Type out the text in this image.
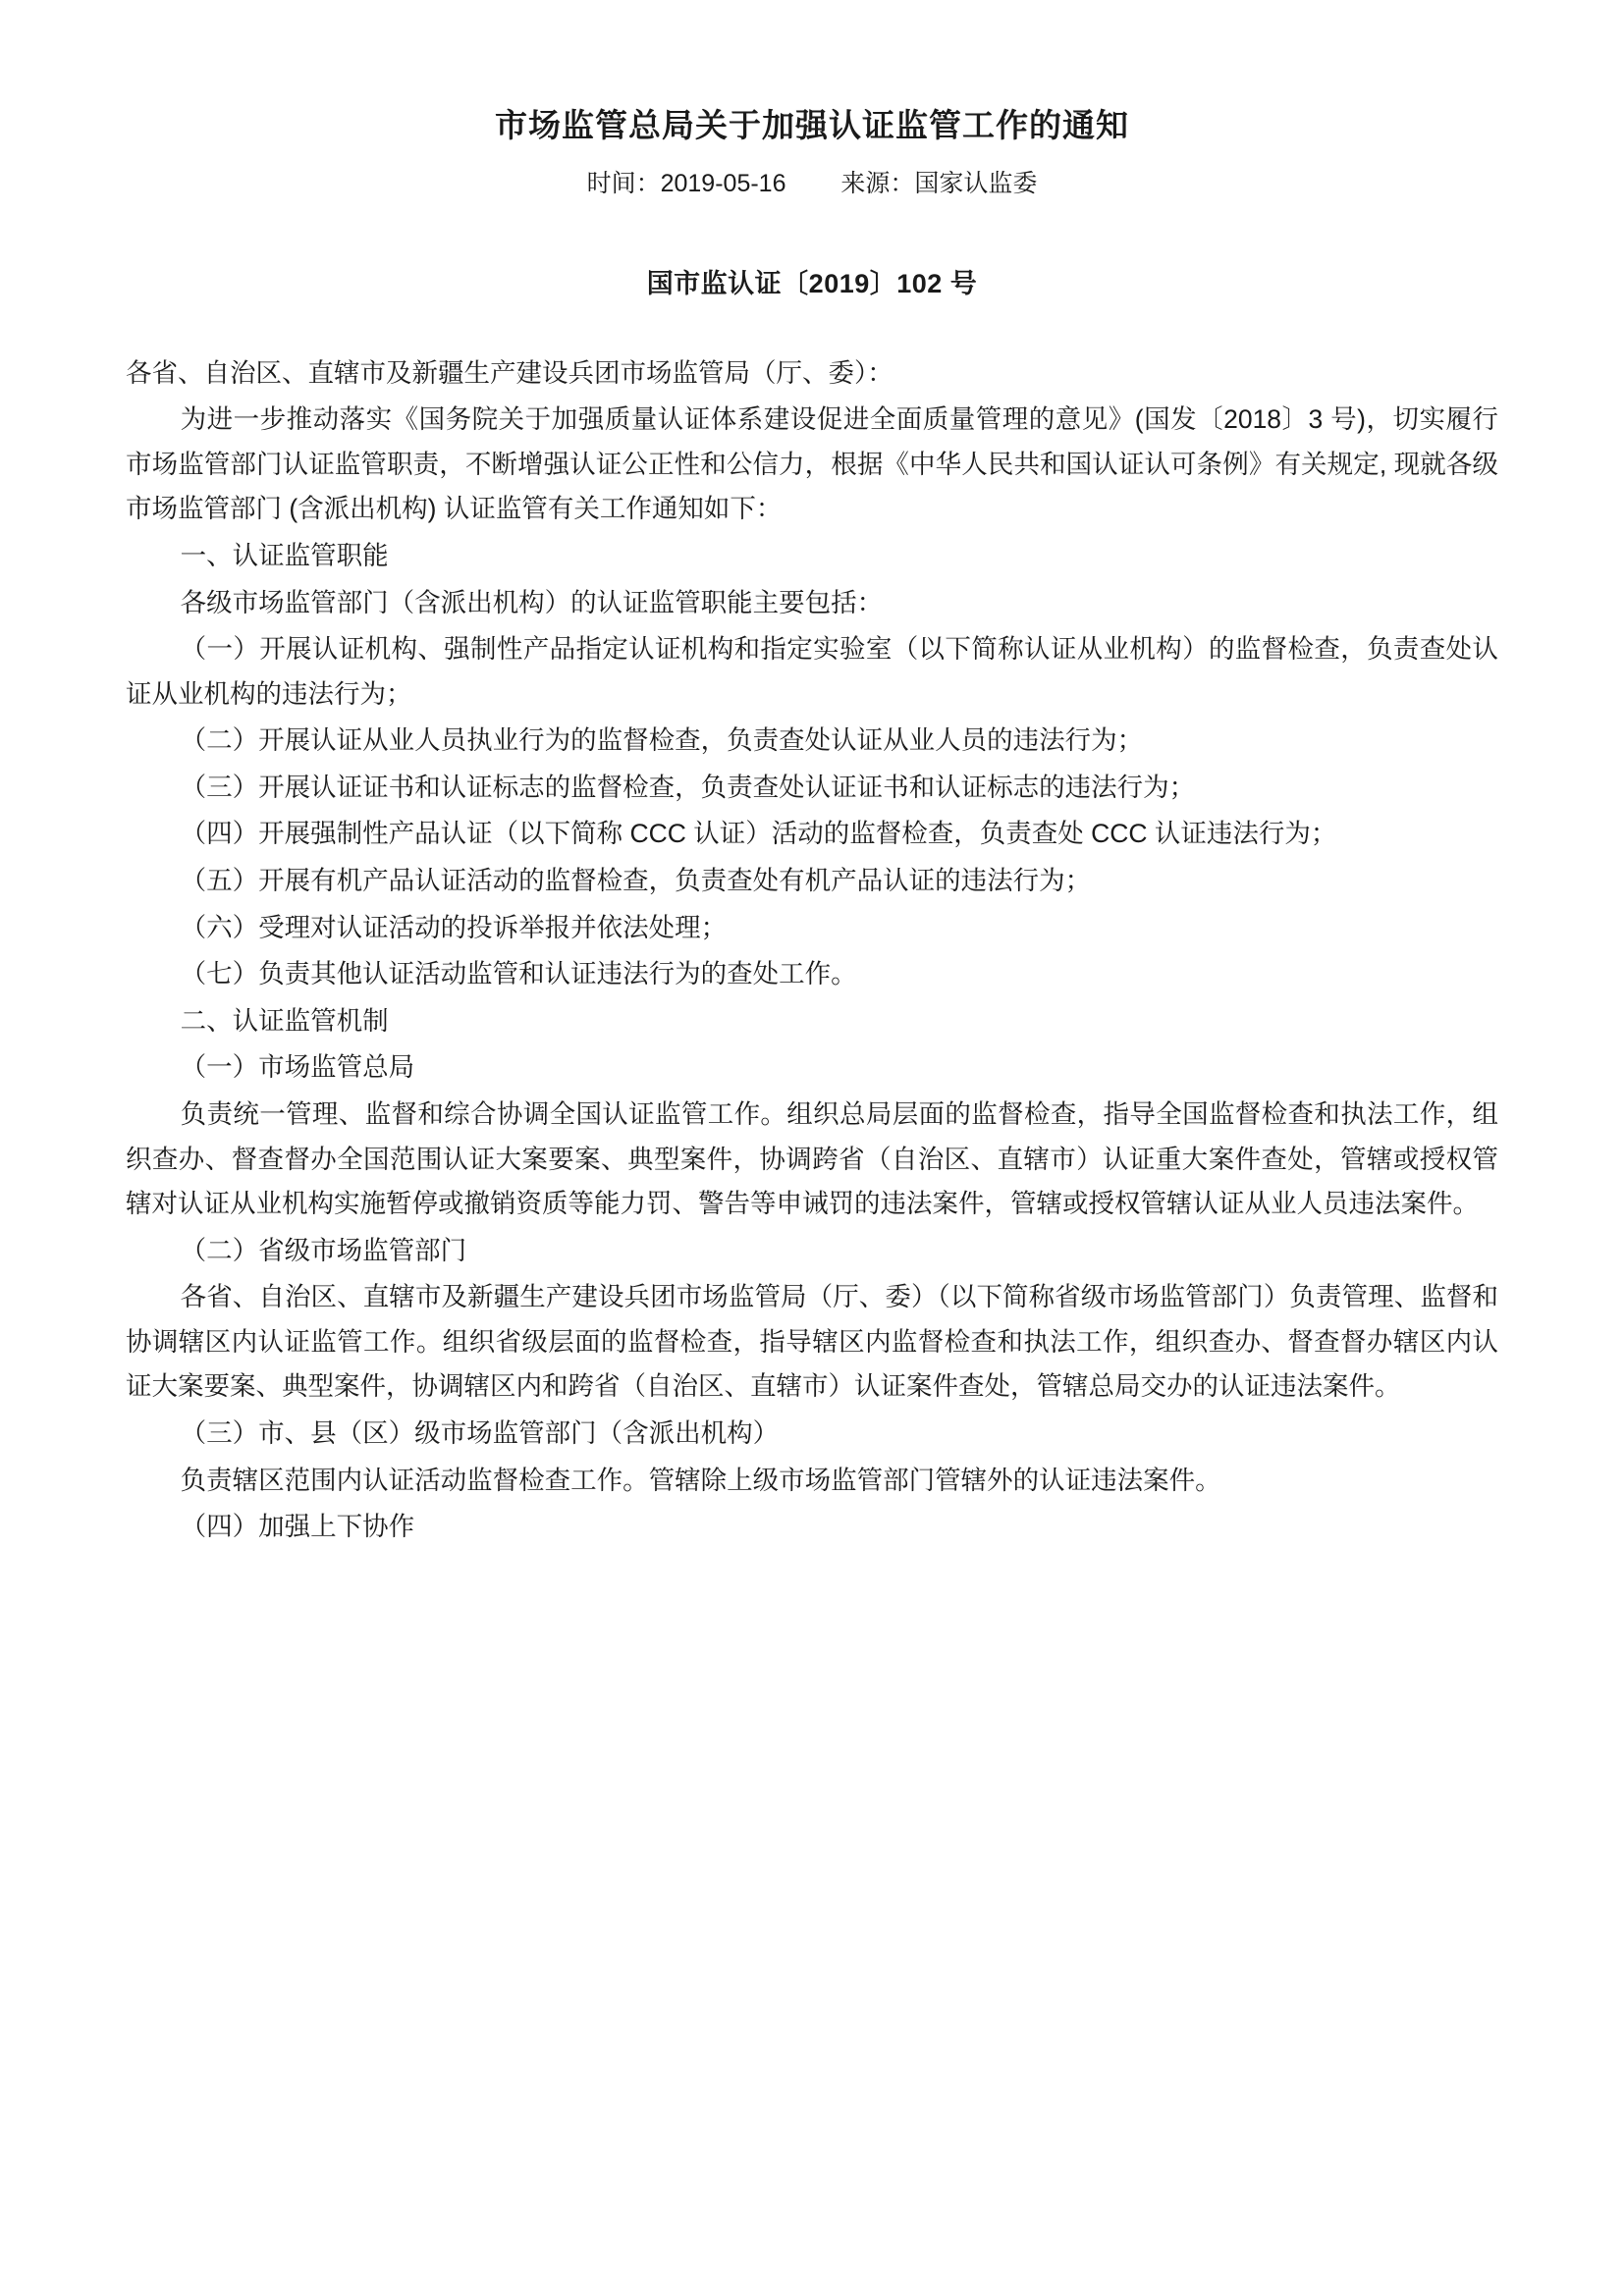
市场监管总局关于加强认证监管工作的通知
时间：2019-05-16 来源：国家认监委
国市监认证〔2019〕102 号

各省、自治区、直辖市及新疆生产建设兵团市场监管局（厅、委）：

为进一步推动落实《国务院关于加强质量认证体系建设促进全面质量管理的意见》(国发〔2018〕3 号)，切实履行市场监管部门认证监管职责，不断增强认证公正性和公信力，根据《中华人民共和国认证认可条例》有关规定, 现就各级市场监管部门 (含派出机构) 认证监管有关工作通知如下：

一、认证监管职能

各级市场监管部门（含派出机构）的认证监管职能主要包括：

（一）开展认证机构、强制性产品指定认证机构和指定实验室（以下简称认证从业机构）的监督检查，负责查处认证从业机构的违法行为；

（二）开展认证从业人员执业行为的监督检查，负责查处认证从业人员的违法行为；

（三）开展认证证书和认证标志的监督检查，负责查处认证证书和认证标志的违法行为；

（四）开展强制性产品认证（以下简称 CCC 认证）活动的监督检查，负责查处 CCC 认证违法行为；

（五）开展有机产品认证活动的监督检查，负责查处有机产品认证的违法行为；

（六）受理对认证活动的投诉举报并依法处理；

（七）负责其他认证活动监管和认证违法行为的查处工作。

二、认证监管机制

（一）市场监管总局

负责统一管理、监督和综合协调全国认证监管工作。组织总局层面的监督检查，指导全国监督检查和执法工作，组织查办、督查督办全国范围认证大案要案、典型案件，协调跨省（自治区、直辖市）认证重大案件查处，管辖或授权管辖对认证从业机构实施暂停或撤销资质等能力罚、警告等申诫罚的违法案件，管辖或授权管辖认证从业人员违法案件。

（二）省级市场监管部门

各省、自治区、直辖市及新疆生产建设兵团市场监管局（厅、委）（以下简称省级市场监管部门）负责管理、监督和协调辖区内认证监管工作。组织省级层面的监督检查，指导辖区内监督检查和执法工作，组织查办、督查督办辖区内认证大案要案、典型案件，协调辖区内和跨省（自治区、直辖市）认证案件查处，管辖总局交办的认证违法案件。

（三）市、县（区）级市场监管部门（含派出机构）

负责辖区范围内认证活动监督检查工作。管辖除上级市场监管部门管辖外的认证违法案件。

（四）加强上下协作
